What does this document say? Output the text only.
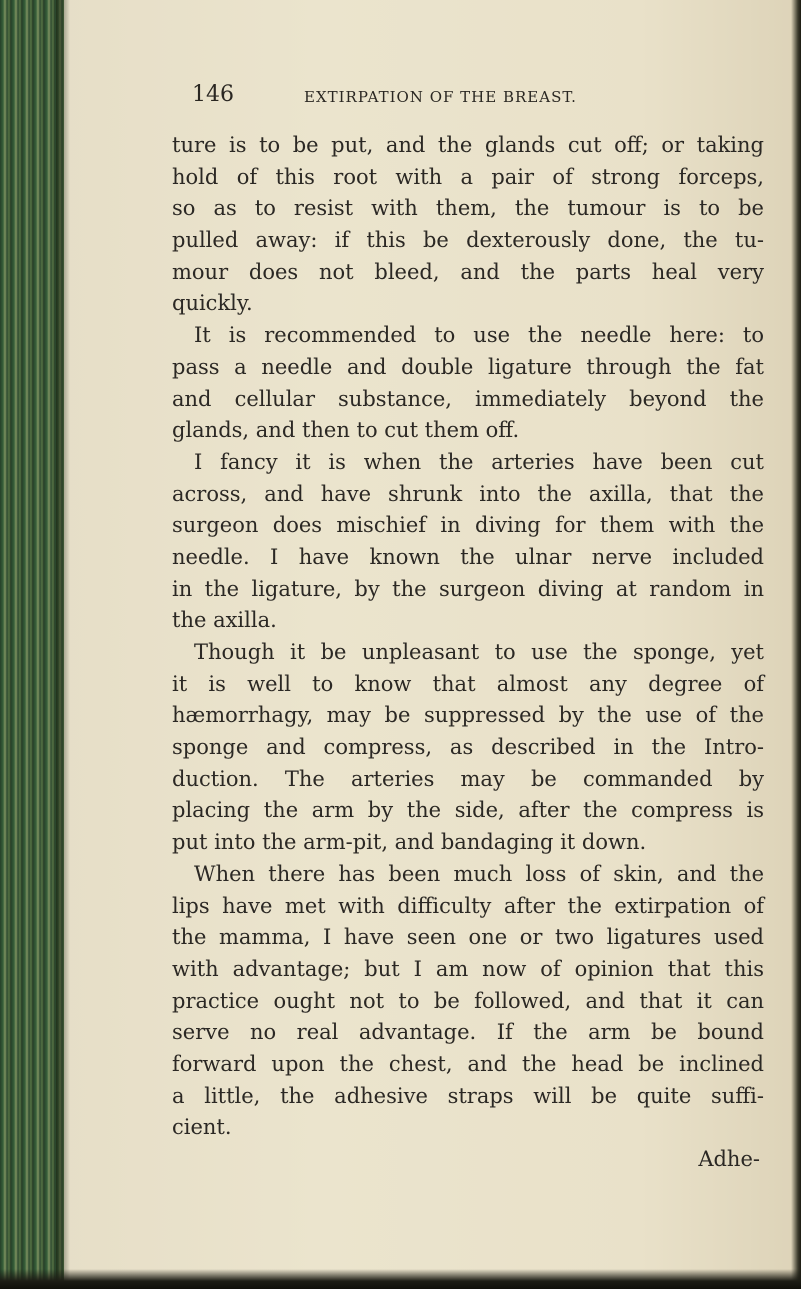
146	EXTIRPATION OF THE BREAST.
ture is to be put, and the glands cut off; or taking
hold of this root with a pair of strong forceps,
so as to resist with them, the tumour is to be
pulled away: if this be dexterously done, the tu-
mour does not bleed, and the parts heal very
quickly.
It is recommended to use the needle here: to
pass a needle and double ligature through the fat
and cellular substance, immediately beyond the
glands, and then to cut them off.
I fancy it is when the arteries have been cut
across, and have shrunk into the axilla, that the
surgeon does mischief in diving for them with the
needle. I have known the ulnar nerve included
in the ligature, by the surgeon diving at random in
the axilla.
Though it be unpleasant to use the sponge, yet
it is well to know that almost any degree of
hæmorrhagy, may be suppressed by the use of the
sponge and compress, as described in the Intro-
duction. The arteries may be commanded by
placing the arm by the side, after the compress is
put into the arm-pit, and bandaging it down.
When there has been much loss of skin, and the
lips have met with difficulty after the extirpation of
the mamma, I have seen one or two ligatures used
with advantage; but I am now of opinion that this
practice ought not to be followed, and that it can
serve no real advantage. If the arm be bound
forward upon the chest, and the head be inclined
a little, the adhesive straps will be quite suffi-
cient.
Adhe-
